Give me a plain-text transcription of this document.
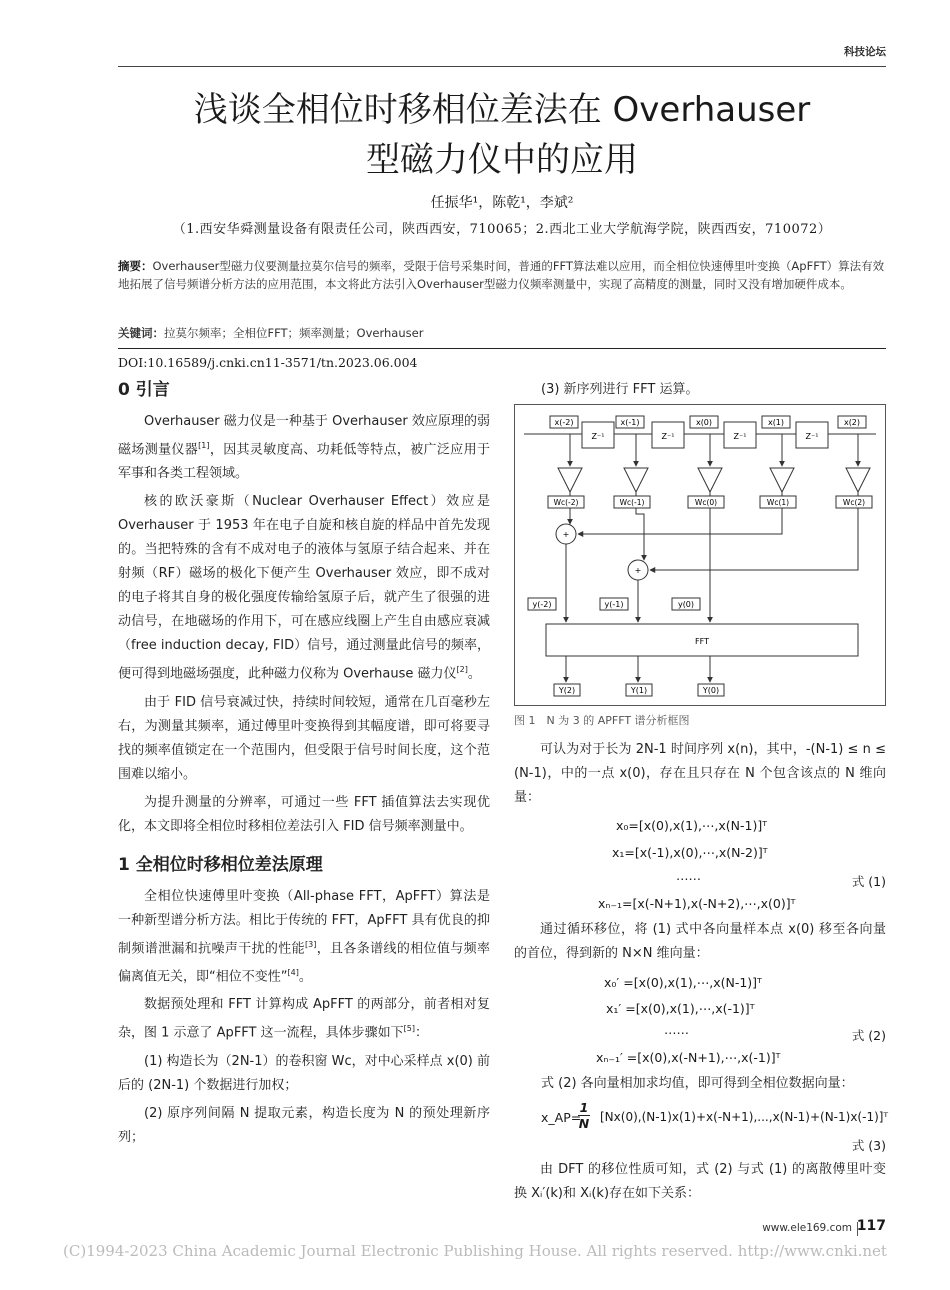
科技论坛
浅谈全相位时移相位差法在 Overhauser
型磁力仪中的应用
任振华¹，陈乾¹，李斌²
（1.西安华舜测量设备有限责任公司，陕西西安，710065；2.西北工业大学航海学院，陕西西安，710072）
摘要：Overhauser型磁力仪要测量拉莫尔信号的频率，受限于信号采集时间，普通的FFT算法难以应用，而全相位快速傅里叶变换（ApFFT）算法有效地拓展了信号频谱分析方法的应用范围，本文将此方法引入Overhauser型磁力仪频率测量中，实现了高精度的测量，同时又没有增加硬件成本。
关键词：拉莫尔频率；全相位FFT；频率测量；Overhauser
DOI:10.16589/j.cnki.cn11-3571/tn.2023.06.004
0 引言

Overhauser 磁力仪是一种基于 Overhauser 效应原理的弱磁场测量仪器[1]，因其灵敏度高、功耗低等特点，被广泛应用于军事和各类工程领域。

核的欧沃豪斯（Nuclear Overhauser Effect）效应是Overhauser 于 1953 年在电子自旋和核自旋的样品中首先发现的。当把特殊的含有不成对电子的液体与氢原子结合起来、并在射频（RF）磁场的极化下便产生 Overhauser 效应，即不成对的电子将其自身的极化强度传输给氢原子后，就产生了很强的进动信号，在地磁场的作用下，可在感应线圈上产生自由感应衰减（free induction decay, FID）信号，通过测量此信号的频率，便可得到地磁场强度，此种磁力仪称为 Overhause 磁力仪[2]。

由于 FID 信号衰减过快，持续时间较短，通常在几百毫秒左右，为测量其频率，通过傅里叶变换得到其幅度谱，即可将要寻找的频率值锁定在一个范围内，但受限于信号时间长度，这个范围难以缩小。

为提升测量的分辨率，可通过一些 FFT 插值算法去实现优化，本文即将全相位时移相位差法引入 FID 信号频率测量中。

1 全相位时移相位差法原理

全相位快速傅里叶变换（All-phase FFT，ApFFT）算法是一种新型谱分析方法。相比于传统的 FFT，ApFFT 具有优良的抑制频谱泄漏和抗噪声干扰的性能[3]，且各条谱线的相位值与频率偏离值无关，即“相位不变性”[4]。

数据预处理和 FFT 计算构成 ApFFT 的两部分，前者相对复杂，图 1 示意了 ApFFT 这一流程，具体步骤如下[5]：

(1) 构造长为（2N-1）的卷积窗 Wc，对中心采样点 x(0) 前后的 (2N-1) 个数据进行加权；

(2) 原序列间隔 N 提取元素，构造长度为 N 的预处理新序列；

(3) 新序列进行 FFT 运算。

x(-2)	x(-1)	x(0)	x(1)	x(2)
Z⁻¹	Z⁻¹	Z⁻¹	Z⁻¹
Wc(-2)	Wc(-1)	Wc(0)	Wc(1)	Wc(2)
+
+
y(-2)	y(-1)	y(0)
FFT
Y(2)	Y(1)	Y(0)
图 1　N 为 3 的 APFFT 谱分析框图

可认为对于长为 2N-1 时间序列 x(n)，其中，-(N-1) ≤ n ≤ (N-1)，中的一点 x(0)，存在且只存在 N 个包含该点的 N 维向量：

x₀=[x(0),x(1),⋯,x(N-1)]ᵀ
x₁=[x(-1),x(0),⋯,x(N-2)]ᵀ
……	式 (1)
xₙ₋₁=[x(-N+1),x(-N+2),⋯,x(0)]ᵀ

通过循环移位，将 (1) 式中各向量样本点 x(0) 移至各向量的首位，得到新的 N×N 维向量：

x₀′ =[x(0),x(1),⋯,x(N-1)]ᵀ
x₁′ =[x(0),x(1),⋯,x(-1)]ᵀ
……	式 (2)
xₙ₋₁′ =[x(0),x(-N+1),⋯,x(-1)]ᵀ

式 (2) 各向量相加求均值，即可得到全相位数据向量：

x_AP=
1
N [Nx(0),(N-1)x(1)+x(-N+1),...,x(N-1)+(N-1)x(-1)]ᵀ
式 (3)

由 DFT 的移位性质可知，式 (2) 与式 (1) 的离散傅里叶变换 Xᵢ′(k)和 Xᵢ(k)存在如下关系：

www.ele169.com 117
(C)1994-2023 China Academic Journal Electronic Publishing House. All rights reserved. http://www.cnki.net
